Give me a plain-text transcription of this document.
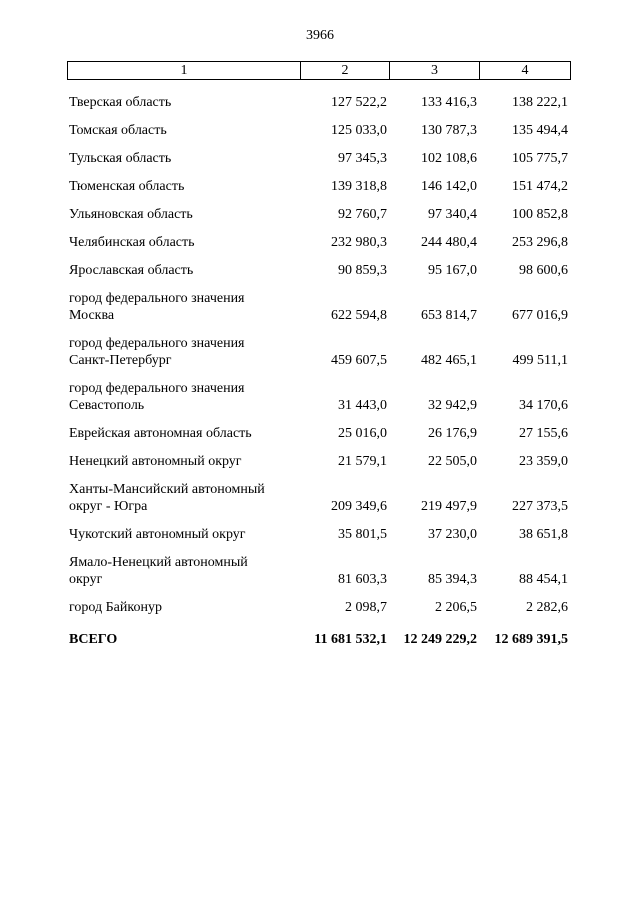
3966
1	2	3	4
Тверская область	127 522,2	133 416,3	138 222,1
Томская область	125 033,0	130 787,3	135 494,4
Тульская область	97 345,3	102 108,6	105 775,7
Тюменская область	139 318,8	146 142,0	151 474,2
Ульяновская область	92 760,7	97 340,4	100 852,8
Челябинская область	232 980,3	244 480,4	253 296,8
Ярославская область	90 859,3	95 167,0	98 600,6
город федерального значения
Москва	622 594,8	653 814,7	677 016,9
город федерального значения
Санкт-Петербург	459 607,5	482 465,1	499 511,1
город федерального значения
Севастополь	31 443,0	32 942,9	34 170,6
Еврейская автономная область	25 016,0	26 176,9	27 155,6
Ненецкий автономный округ	21 579,1	22 505,0	23 359,0
Ханты-Мансийский автономный
округ - Югра	209 349,6	219 497,9	227 373,5
Чукотский автономный округ	35 801,5	37 230,0	38 651,8
Ямало-Ненецкий автономный
округ	81 603,3	85 394,3	88 454,1
город Байконур	2 098,7	2 206,5	2 282,6
ВСЕГО	11 681 532,1	12 249 229,2	12 689 391,5
